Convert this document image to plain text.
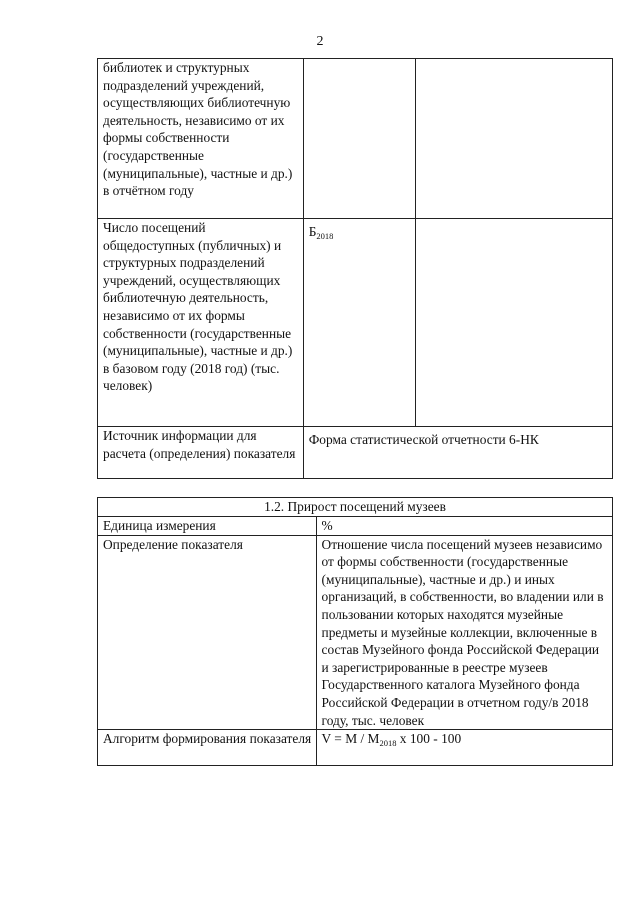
2
библиотек и структурных подразделений учреждений, осуществляющих библиотечную деятельность, независимо от их формы собственности (государственные (муниципальные), частные и др.) в отчётном году		
Число посещений общедоступных (публичных) и структурных подразделений учреждений, осуществляющих библиотечную деятельность, независимо от их формы собственности (государственные (муниципальные), частные и др.) в базовом году (2018 год) (тыс. человек)	$Б_{2018}$	
Источник информации для расчета (определения) показателя	Форма статистической отчетности 6-НК	
1.2. Прирост посещений музеев	
Единица измерения	%
Определение показателя	Отношение числа посещений музеев независимо от формы собственности (государственные (муниципальные), частные и др.) и иных организаций, в собственности, во владении или в пользовании которых находятся музейные предметы и музейные коллекции, включенные в состав Музейного фонда Российской Федерации и зарегистрированные в реестре музеев Государственного каталога Музейного фонда Российской Федерации в отчетном году/в 2018 году, тыс. человек
Алгоритм формирования показателя	$V = M / M_{2018}$ x 100 - 100
